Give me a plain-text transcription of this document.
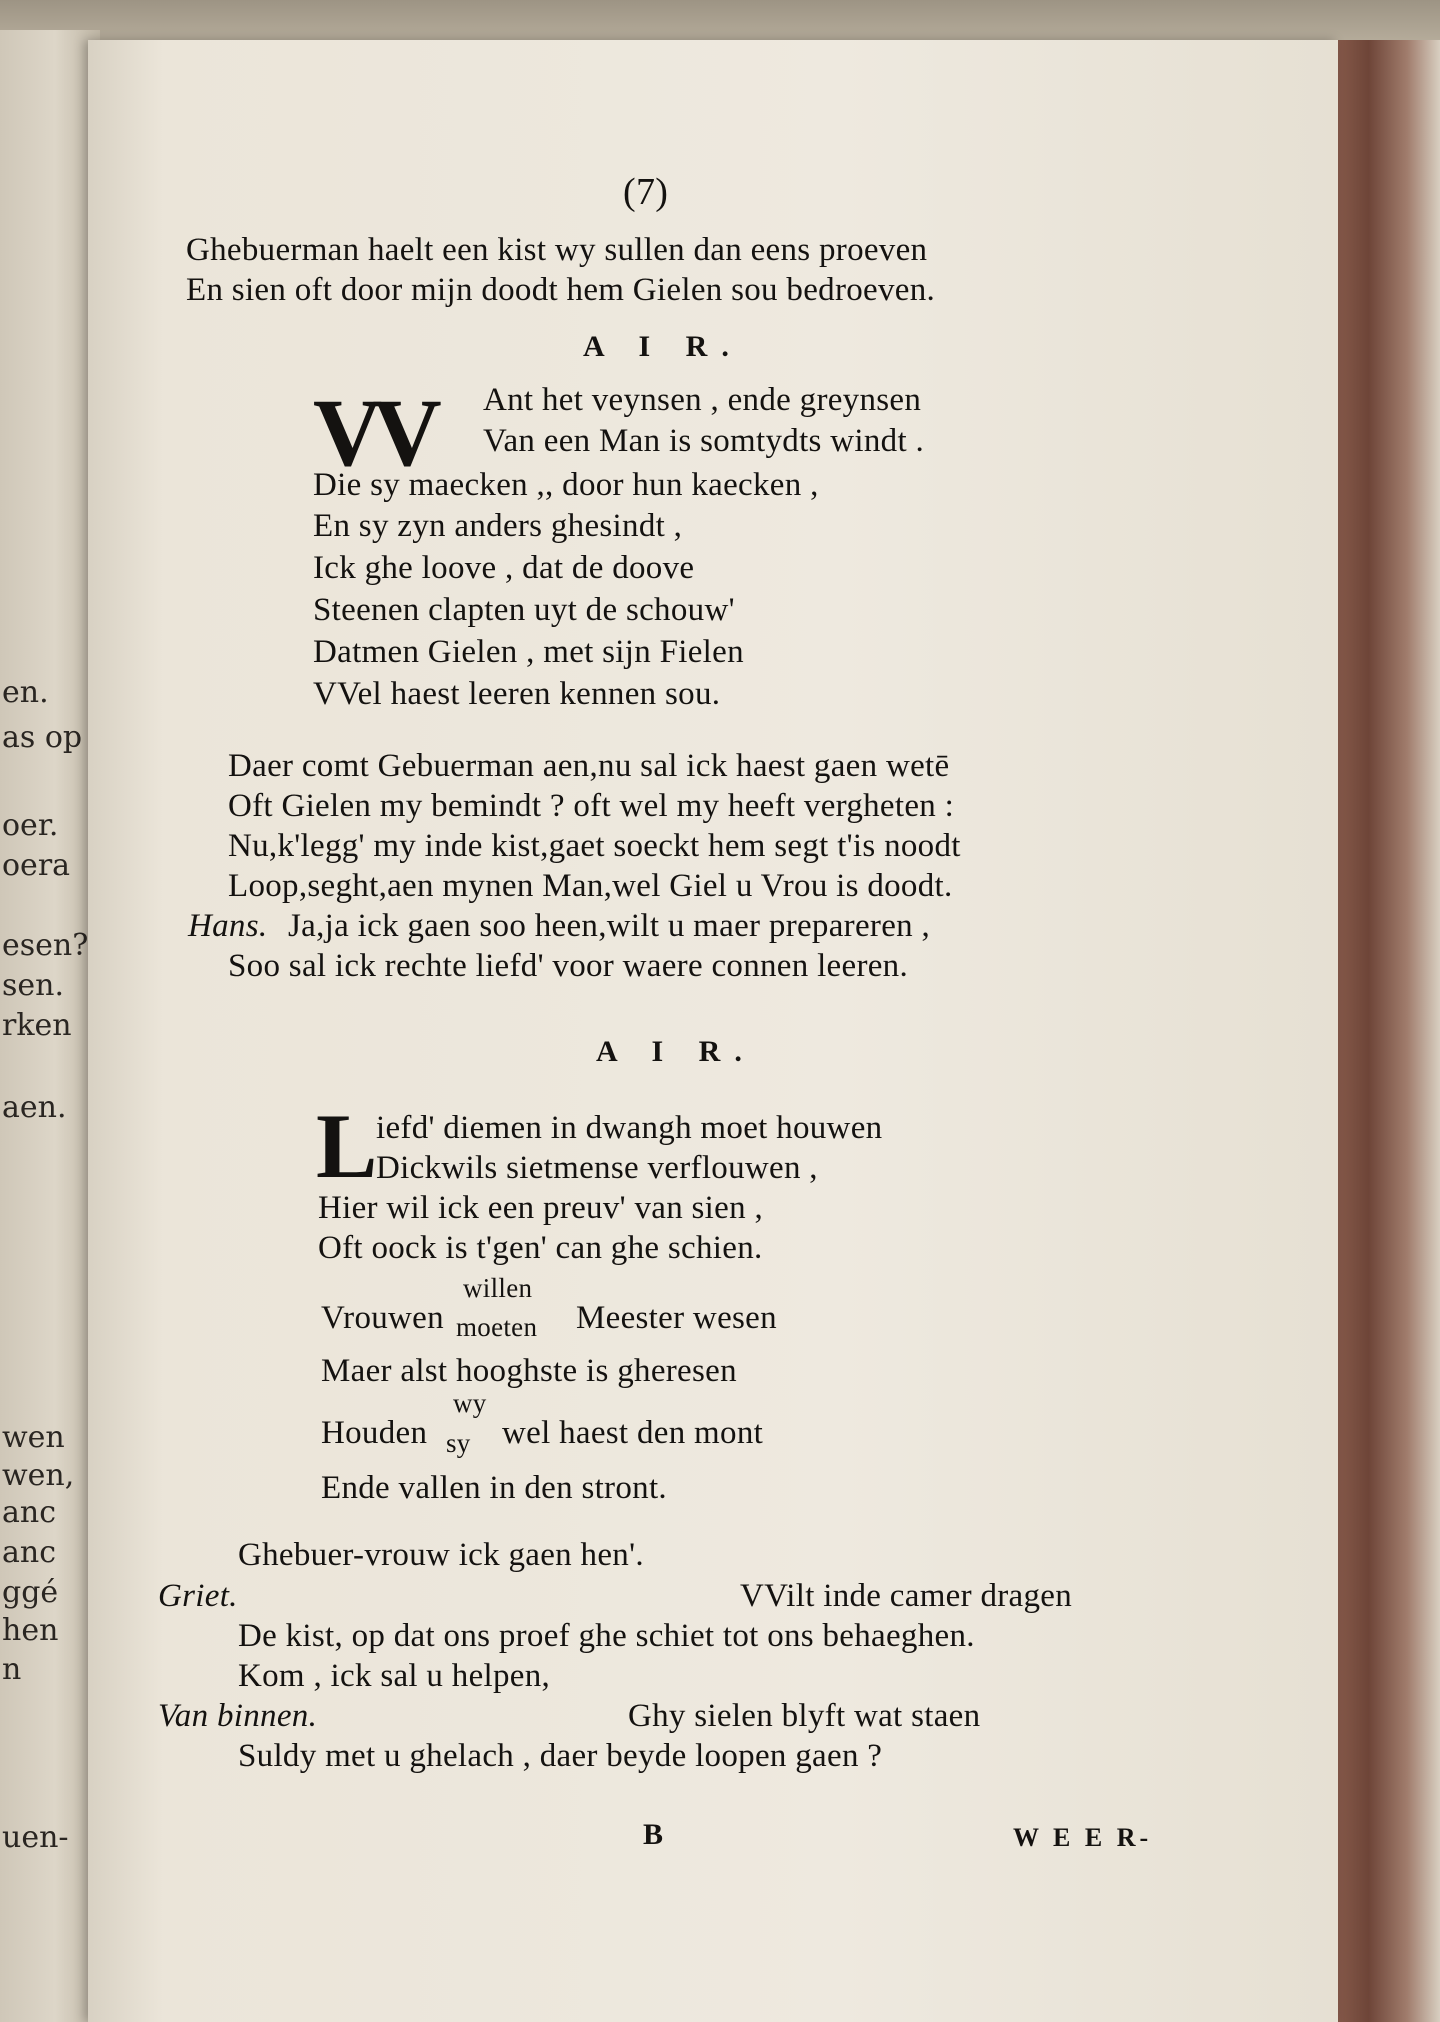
en.
as op
oer.
oera
esen?
sen.
rken
aen.
wen
wen,
anc
anc
ggé
hen
n
uen-
(7)
Ghebuerman haelt een kist wy sullen dan eens proeven
En sien oft door mijn doodt hem Gielen sou bedroeven.
A I R.
VV Ant het veynsen , ende greynsen
Van een Man is somtydts windt .
Die sy maecken ,, door hun kaecken ,
En sy zyn anders ghesindt ,
Ick ghe loove , dat de doove
Steenen clapten uyt de schouw'
Datmen Gielen , met sijn Fielen
VVel haest leeren kennen sou.
Daer comt Gebuerman aen,nu sal ick haest gaen wetē
Oft Gielen my bemindt ? oft wel my heeft vergheten :
Nu,k'legg' my inde kist,gaet soeckt hem segt t'is noodt
Loop,seght,aen mynen Man,wel Giel u Vrou is doodt.
Hans. Ja,ja ick gaen soo heen,wilt u maer prepareren ,
Soo sal ick rechte liefd' voor waere connen leeren.
A I R.
L
iefd' diemen in dwangh moet houwen
Dickwils sietmense verflouwen ,
Hier wil ick een preuv' van sien ,
Oft oock is t'gen' can ghe schien.
Vrouwen
willen
moeten Meester wesen
Maer alst hooghste is gheresen
Houden
wy
sy wel haest den mont
Ende vallen in den stront.
Ghebuer-vrouw ick gaen hen'.
Griet.	VVilt inde camer dragen
De kist, op dat ons proef ghe schiet tot ons behaeghen.
Kom , ick sal u helpen,
Van binnen.	Ghy sielen blyft wat staen
Suldy met u ghelach , daer beyde loopen gaen ?
B	W E E R-
